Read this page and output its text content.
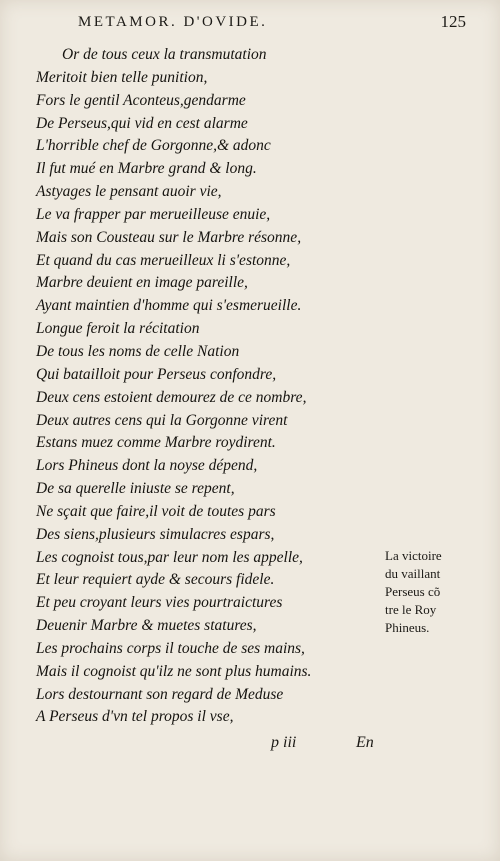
METAMOR. D'OVIDE.	125
Or de tous ceux la transmutation
Meritoit bien telle punition,
Fors le gentil Aconteus,gendarme
De Perseus,qui vid en cest alarme
L'horrible chef de Gorgonne,& adonc
Il fut mué en Marbre grand & long.
Astyages le pensant auoir vie,
Le va frapper par merueilleuse enuie,
Mais son Cousteau sur le Marbre résonne,
Et quand du cas merueilleux li s'estonne,
Marbre deuient en image pareille,
Ayant maintien d'homme qui s'esmerueille.
Longue feroit la récitation
De tous les noms de celle Nation
Qui batailloit pour Perseus confondre,
Deux cens estoient demourez de ce nombre,
Deux autres cens qui la Gorgonne virent
Estans muez comme Marbre roydirent.
Lors Phineus dont la noyse dépend,
De sa querelle iniuste se repent,
Ne sçait que faire,il voit de toutes pars
Des siens,plusieurs simulacres espars,
Les cognoist tous,par leur nom les appelle,
Et leur requiert ayde & secours fidele.
Et peu croyant leurs vies pourtraictures
Deuenir Marbre & muetes statures,
Les prochains corps il touche de ses mains,
Mais il cognoist qu'ilz ne sont plus humains.
Lors destournant son regard de Meduse
A Perseus d'vn tel propos il vse,
La victoire
du vaillant
Perseus cõ
tre le Roy
Phineus.
p iii	En
